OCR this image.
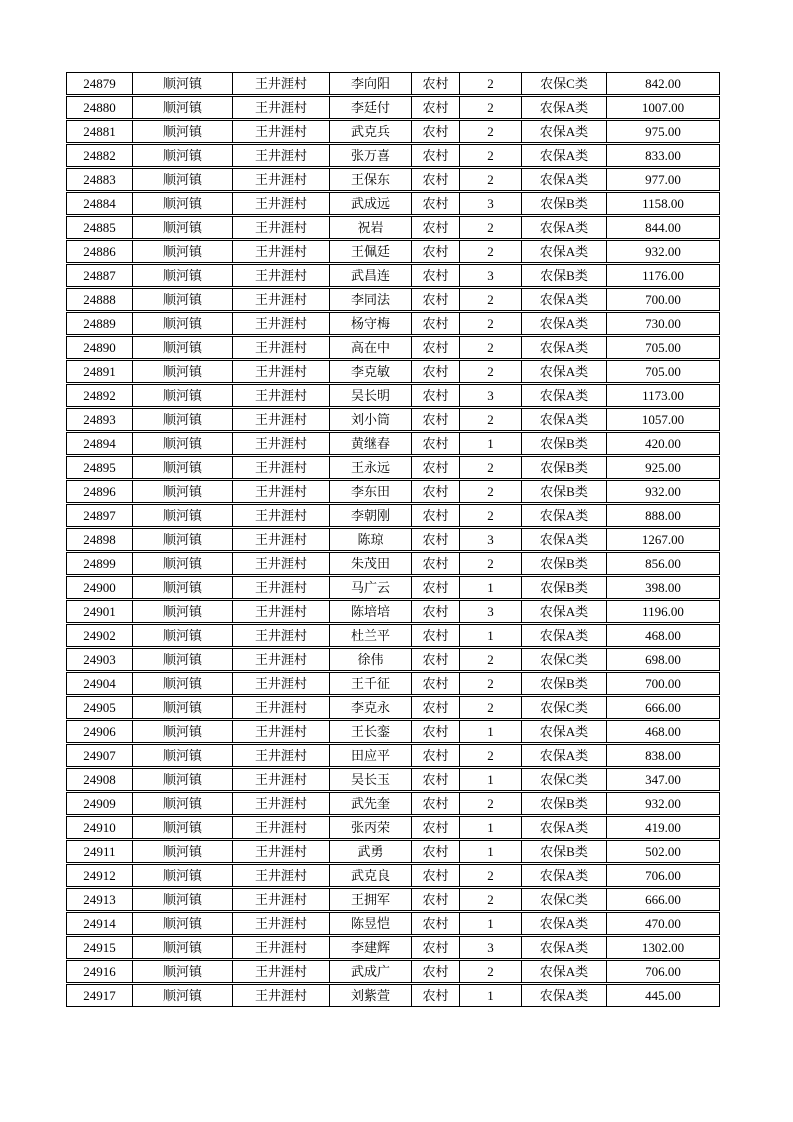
24879	顺河镇	王井涯村	李向阳	农村	2	农保C类	842.00
24880	顺河镇	王井涯村	李廷付	农村	2	农保A类	1007.00
24881	顺河镇	王井涯村	武克兵	农村	2	农保A类	975.00
24882	顺河镇	王井涯村	张万喜	农村	2	农保A类	833.00
24883	顺河镇	王井涯村	王保东	农村	2	农保A类	977.00
24884	顺河镇	王井涯村	武成远	农村	3	农保B类	1158.00
24885	顺河镇	王井涯村	祝岩	农村	2	农保A类	844.00
24886	顺河镇	王井涯村	王佩廷	农村	2	农保A类	932.00
24887	顺河镇	王井涯村	武昌连	农村	3	农保B类	1176.00
24888	顺河镇	王井涯村	李同法	农村	2	农保A类	700.00
24889	顺河镇	王井涯村	杨守梅	农村	2	农保A类	730.00
24890	顺河镇	王井涯村	高在中	农村	2	农保A类	705.00
24891	顺河镇	王井涯村	李克敏	农村	2	农保A类	705.00
24892	顺河镇	王井涯村	吴长明	农村	3	农保A类	1173.00
24893	顺河镇	王井涯村	刘小筒	农村	2	农保A类	1057.00
24894	顺河镇	王井涯村	黄继春	农村	1	农保B类	420.00
24895	顺河镇	王井涯村	王永远	农村	2	农保B类	925.00
24896	顺河镇	王井涯村	李东田	农村	2	农保B类	932.00
24897	顺河镇	王井涯村	李朝刚	农村	2	农保A类	888.00
24898	顺河镇	王井涯村	陈琼	农村	3	农保A类	1267.00
24899	顺河镇	王井涯村	朱茂田	农村	2	农保B类	856.00
24900	顺河镇	王井涯村	马广云	农村	1	农保B类	398.00
24901	顺河镇	王井涯村	陈培培	农村	3	农保A类	1196.00
24902	顺河镇	王井涯村	杜兰平	农村	1	农保A类	468.00
24903	顺河镇	王井涯村	徐伟	农村	2	农保C类	698.00
24904	顺河镇	王井涯村	王千征	农村	2	农保B类	700.00
24905	顺河镇	王井涯村	李克永	农村	2	农保C类	666.00
24906	顺河镇	王井涯村	王长銮	农村	1	农保A类	468.00
24907	顺河镇	王井涯村	田应平	农村	2	农保A类	838.00
24908	顺河镇	王井涯村	吴长玉	农村	1	农保C类	347.00
24909	顺河镇	王井涯村	武先奎	农村	2	农保B类	932.00
24910	顺河镇	王井涯村	张丙荣	农村	1	农保A类	419.00
24911	顺河镇	王井涯村	武勇	农村	1	农保B类	502.00
24912	顺河镇	王井涯村	武克良	农村	2	农保A类	706.00
24913	顺河镇	王井涯村	王拥军	农村	2	农保C类	666.00
24914	顺河镇	王井涯村	陈昱恺	农村	1	农保A类	470.00
24915	顺河镇	王井涯村	李建辉	农村	3	农保A类	1302.00
24916	顺河镇	王井涯村	武成广	农村	2	农保A类	706.00
24917	顺河镇	王井涯村	刘紫萱	农村	1	农保A类	445.00
